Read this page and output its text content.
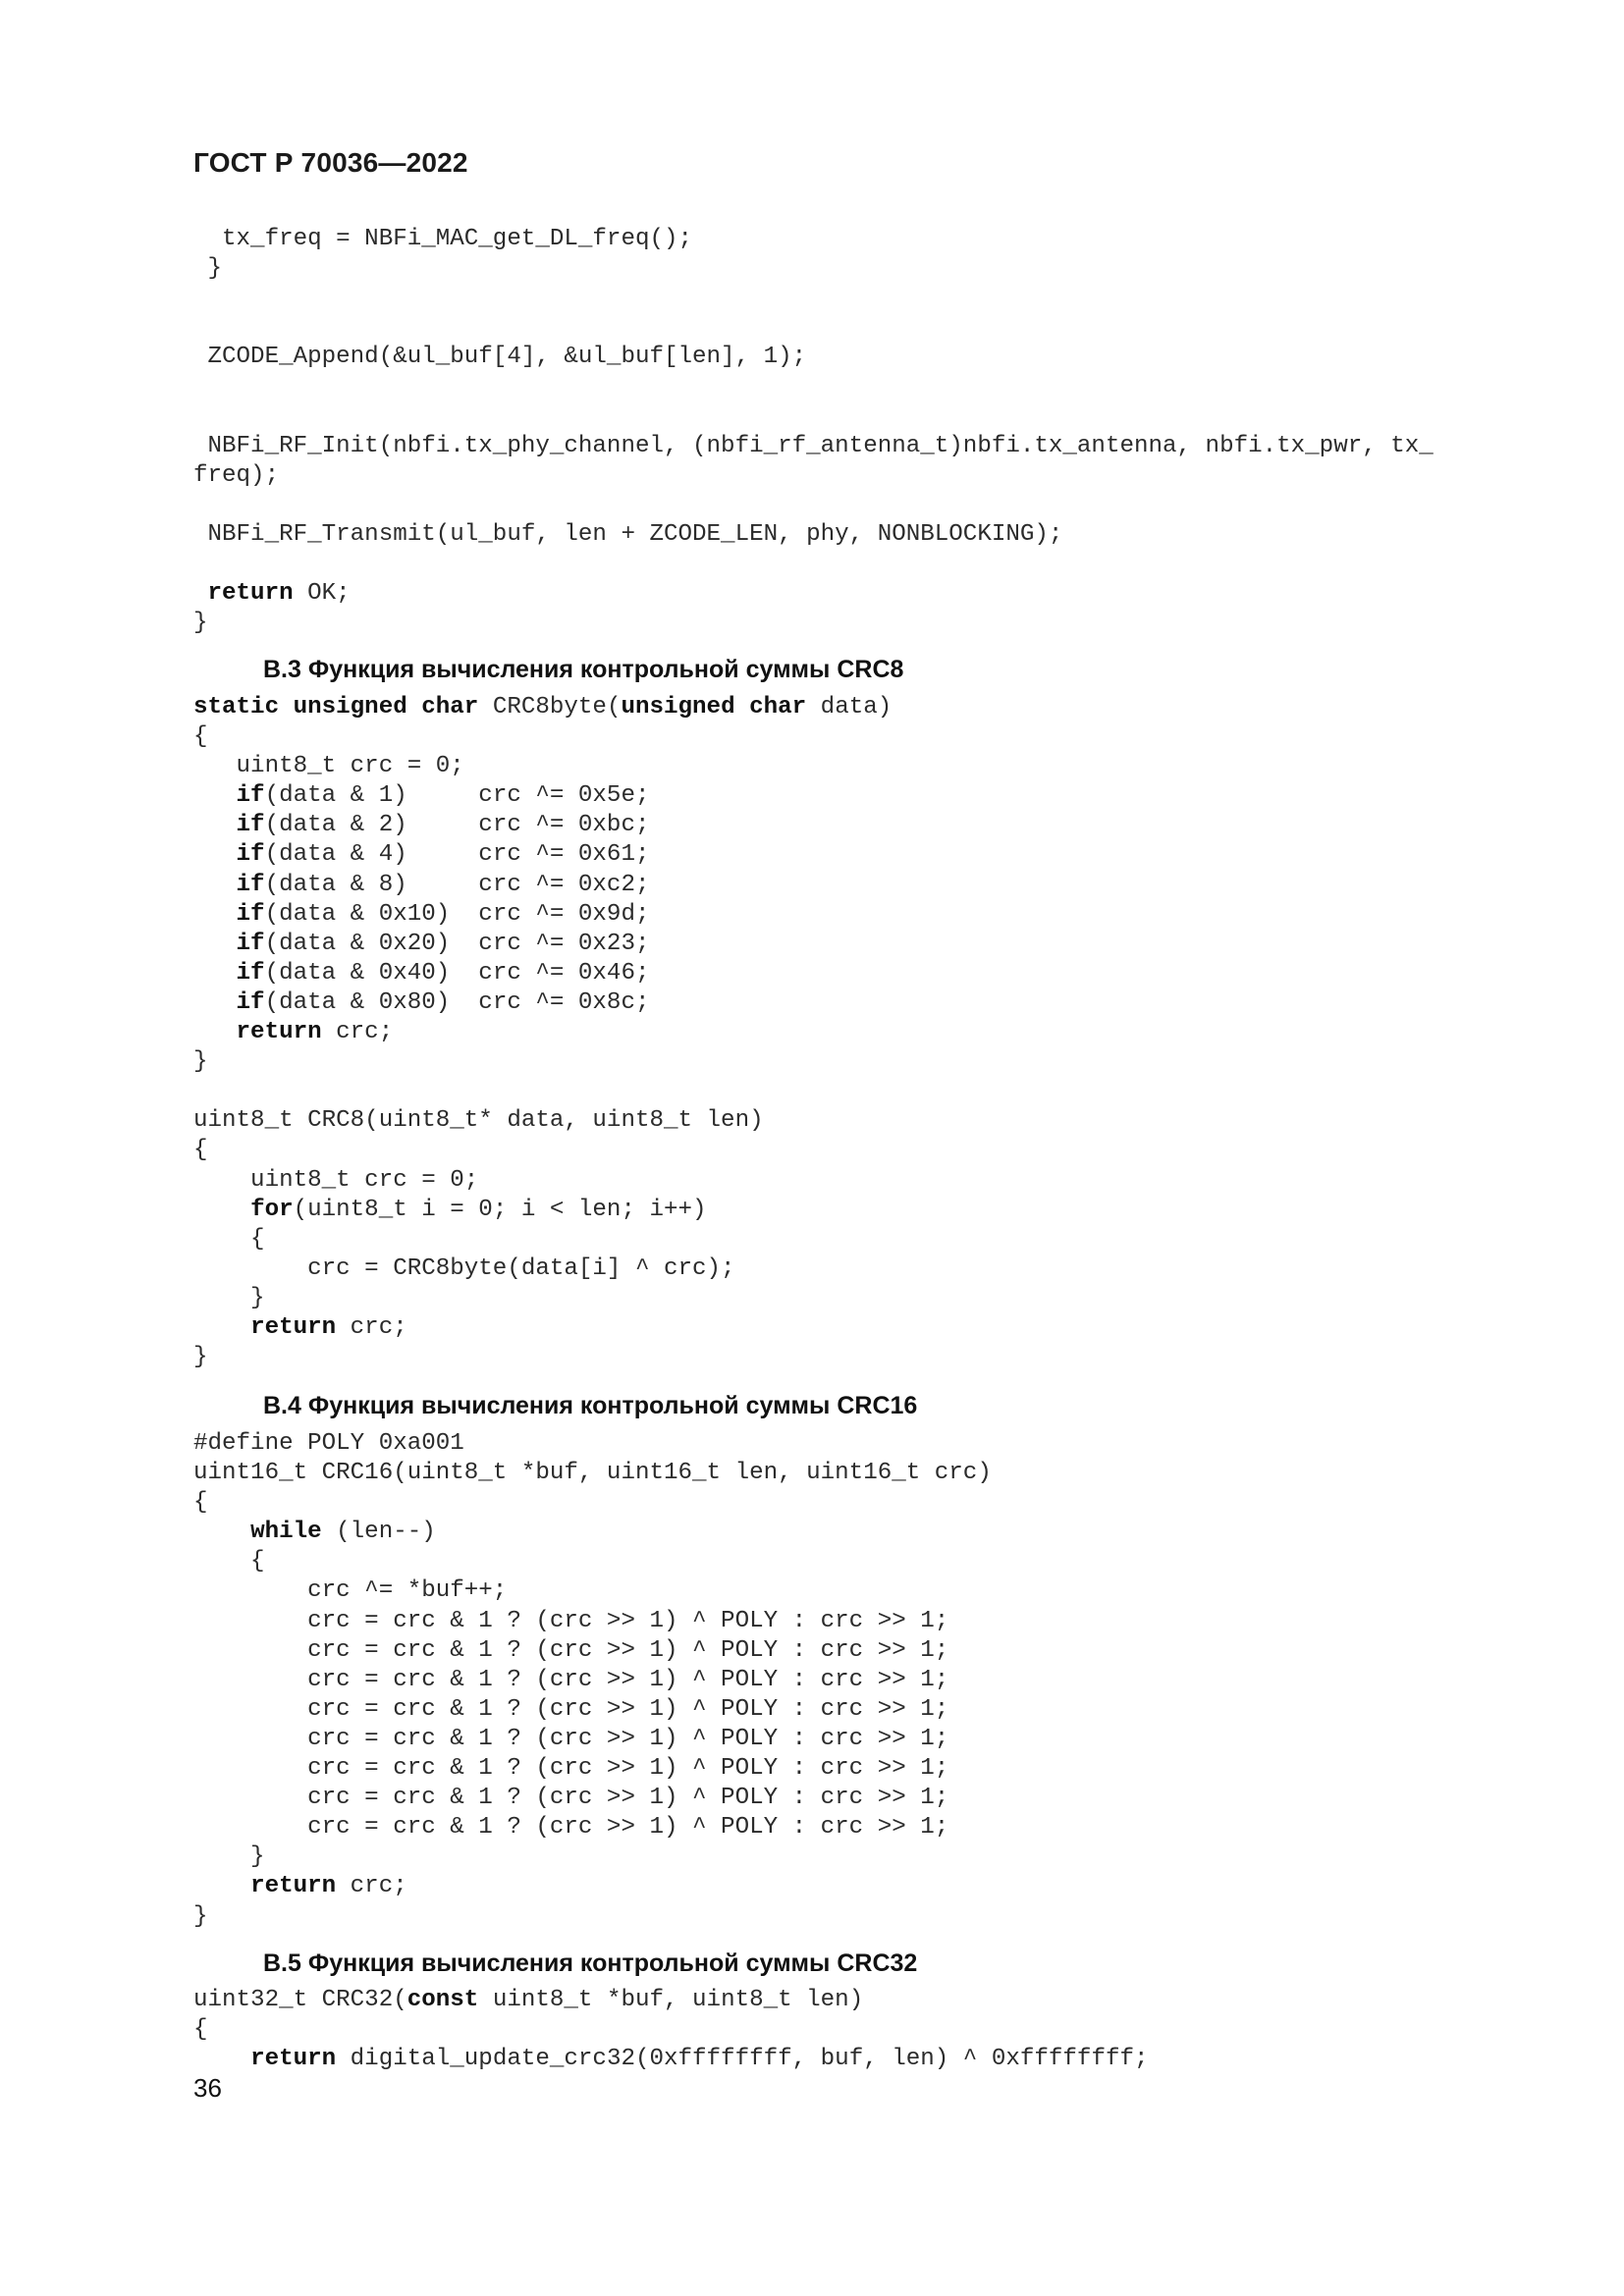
ГОСТ Р 70036—2022
tx_freq = NBFi_MAC_get_DL_freq();
}
ZCODE_Append(&ul_buf[4], &ul_buf[len], 1);
NBFi_RF_Init(nbfi.tx_phy_channel, (nbfi_rf_antenna_t)nbfi.tx_antenna, nbfi.tx_pwr, tx_
freq);
NBFi_RF_Transmit(ul_buf, len + ZCODE_LEN, phy, NONBLOCKING);
return OK;
}
В.3 Функция вычисления контрольной суммы CRC8
static unsigned char CRC8byte(unsigned char data)
{
uint8_t crc = 0;
if(data & 1)     crc ^= 0x5e;
if(data & 2)     crc ^= 0xbc;
if(data & 4)     crc ^= 0x61;
if(data & 8)     crc ^= 0xc2;
if(data & 0x10)  crc ^= 0x9d;
if(data & 0x20)  crc ^= 0x23;
if(data & 0x40)  crc ^= 0x46;
if(data & 0x80)  crc ^= 0x8c;
return crc;
}
uint8_t CRC8(uint8_t* data, uint8_t len)
{
uint8_t crc = 0;
for(uint8_t i = 0; i < len; i++)
{
crc = CRC8byte(data[i] ^ crc);
}
return crc;
}
В.4 Функция вычисления контрольной суммы CRC16
#define POLY 0xa001
uint16_t CRC16(uint8_t *buf, uint16_t len, uint16_t crc)
{
while (len--)
{
crc ^= *buf++;
crc = crc & 1 ? (crc >> 1) ^ POLY : crc >> 1;
crc = crc & 1 ? (crc >> 1) ^ POLY : crc >> 1;
crc = crc & 1 ? (crc >> 1) ^ POLY : crc >> 1;
crc = crc & 1 ? (crc >> 1) ^ POLY : crc >> 1;
crc = crc & 1 ? (crc >> 1) ^ POLY : crc >> 1;
crc = crc & 1 ? (crc >> 1) ^ POLY : crc >> 1;
crc = crc & 1 ? (crc >> 1) ^ POLY : crc >> 1;
crc = crc & 1 ? (crc >> 1) ^ POLY : crc >> 1;
}
return crc;
}
В.5 Функция вычисления контрольной суммы CRC32
uint32_t CRC32(const uint8_t *buf, uint8_t len)
{
return digital_update_crc32(0xffffffff, buf, len) ^ 0xffffffff;
36
